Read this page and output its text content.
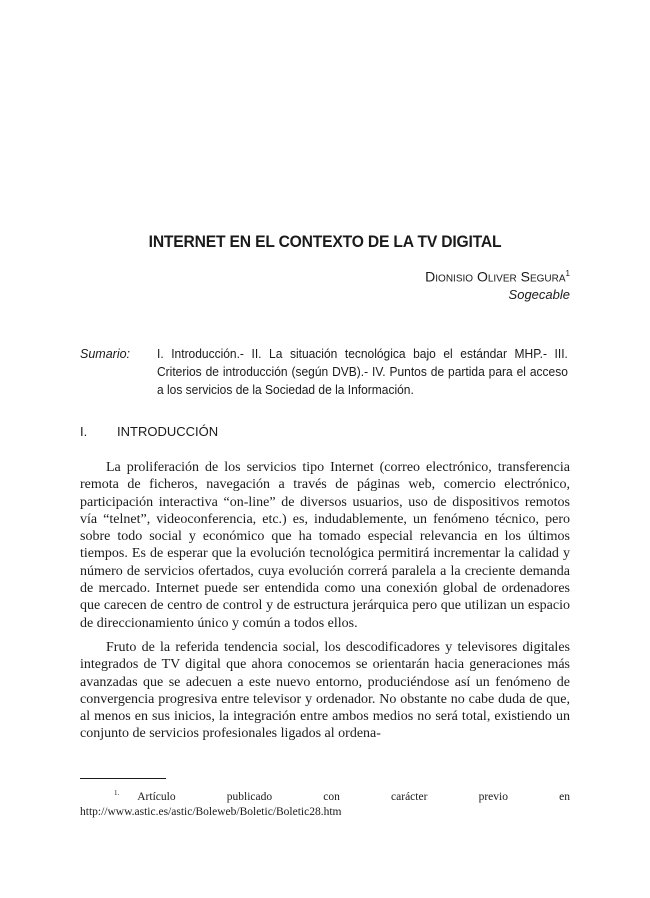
INTERNET EN EL CONTEXTO DE LA TV DIGITAL
Dionisio Oliver Segura$^1$
Sogecable
Sumario: I. Introducción.- II. La situación tecnológica bajo el estándar MHP.- III. Criterios de introducción (según DVB).- IV. Puntos de partida para el acceso a los servicios de la Sociedad de la Información.
I. INTRODUCCIÓN

La proliferación de los servicios tipo Internet (correo electrónico, transferencia remota de ficheros, navegación a través de páginas web, comercio electrónico, participación interactiva “on-line” de diversos usuarios, uso de dispositivos remotos vía “telnet”, videoconferencia, etc.) es, indudablemente, un fenómeno técnico, pero sobre todo social y económico que ha tomado especial relevancia en los últimos tiempos. Es de esperar que la evolución tecnológica permitirá incrementar la calidad y número de servicios ofertados, cuya evolución correrá paralela a la creciente demanda de mercado. Internet puede ser entendida como una conexión global de ordenadores que carecen de centro de control y de estructura jerárquica pero que utilizan un espacio de direccionamiento único y común a todos ellos.

Fruto de la referida tendencia social, los descodificadores y televisores digitales integrados de TV digital que ahora conocemos se orientarán hacia generaciones más avanzadas que se adecuen a este nuevo entorno, produciéndose así un fenómeno de convergencia progresiva entre televisor y ordenador. No obstante no cabe duda de que, al menos en sus inicios, la integración entre ambos medios no será total, existiendo un conjunto de servicios profesionales ligados al ordena-

1. Artículo publicado con carácter previo en http://www.astic.es/astic/Boleweb/Boletic/Boletic28.htm
